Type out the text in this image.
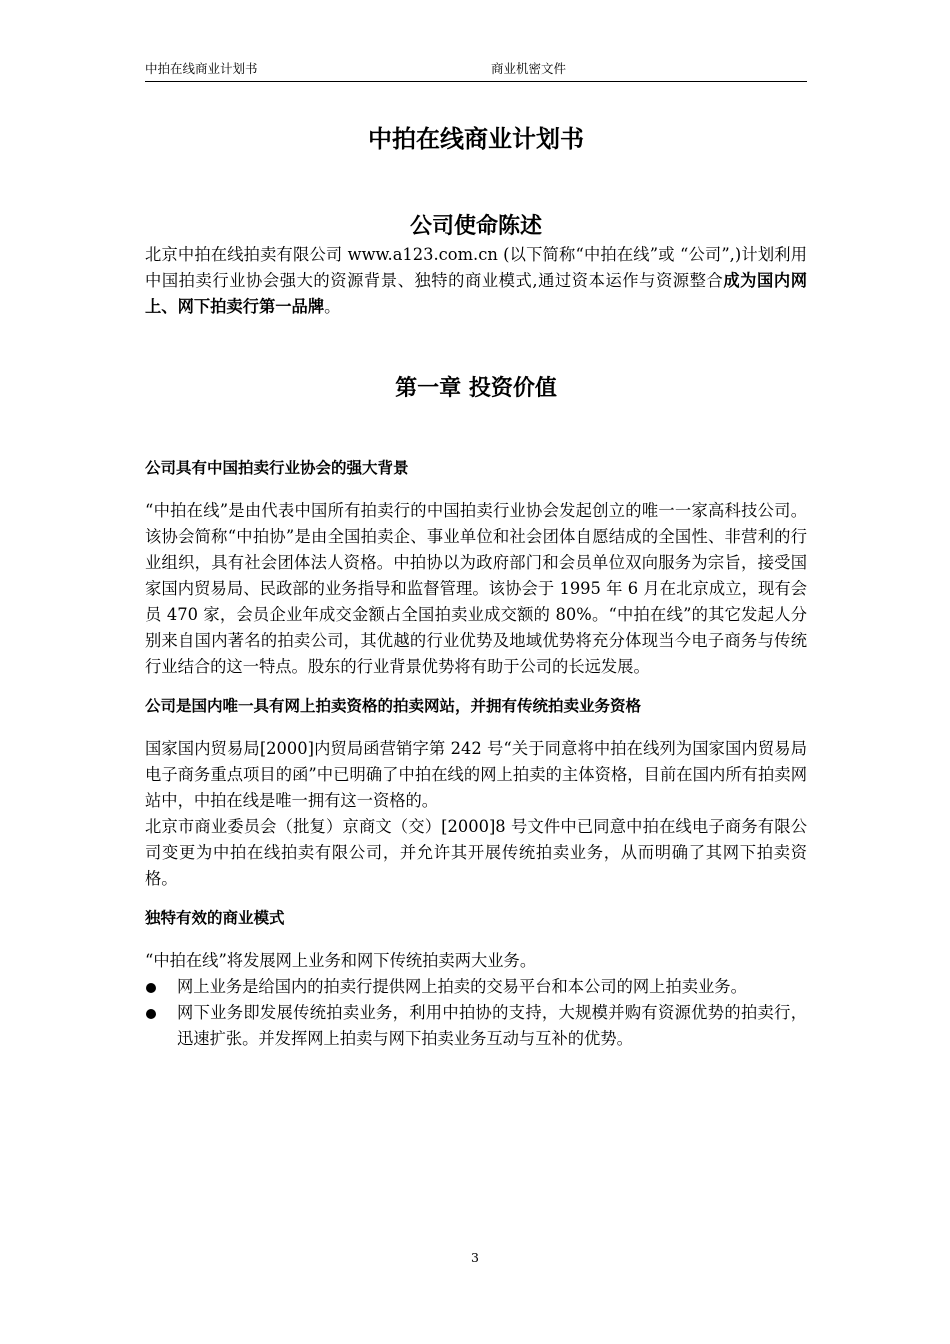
中拍在线商业计划书	商业机密文件
中拍在线商业计划书
公司使命陈述

北京中拍在线拍卖有限公司 www.a123.com.cn (以下简称“中拍在线”或 “公司”,)计划利用中国拍卖行业协会强大的资源背景、独特的商业模式,通过资本运作与资源整合成为国内网上、网下拍卖行第一品牌。

第一章 投资价值
公司具有中国拍卖行业协会的强大背景

“中拍在线”是由代表中国所有拍卖行的中国拍卖行业协会发起创立的唯一一家高科技公司。该协会简称“中拍协”是由全国拍卖企、事业单位和社会团体自愿结成的全国性、非营利的行业组织，具有社会团体法人资格。中拍协以为政府部门和会员单位双向服务为宗旨，接受国家国内贸易局、民政部的业务指导和监督管理。该协会于 1995 年 6 月在北京成立，现有会员 470 家，会员企业年成交金额占全国拍卖业成交额的 80%。“中拍在线”的其它发起人分别来自国内著名的拍卖公司，其优越的行业优势及地域优势将充分体现当今电子商务与传统行业结合的这一特点。股东的行业背景优势将有助于公司的长远发展。

公司是国内唯一具有网上拍卖资格的拍卖网站，并拥有传统拍卖业务资格

国家国内贸易局[2000]内贸局函营销字第 242 号“关于同意将中拍在线列为国家国内贸易局电子商务重点项目的函”中已明确了中拍在线的网上拍卖的主体资格，目前在国内所有拍卖网站中，中拍在线是唯一拥有这一资格的。

北京市商业委员会（批复）京商文（交）[2000]8 号文件中已同意中拍在线电子商务有限公司变更为中拍在线拍卖有限公司，并允许其开展传统拍卖业务，从而明确了其网下拍卖资格。

独特有效的商业模式

“中拍在线”将发展网上业务和网下传统拍卖两大业务。

网上业务是给国内的拍卖行提供网上拍卖的交易平台和本公司的网上拍卖业务。
网下业务即发展传统拍卖业务，利用中拍协的支持，大规模并购有资源优势的拍卖行，迅速扩张。并发挥网上拍卖与网下拍卖业务互动与互补的优势。
3
